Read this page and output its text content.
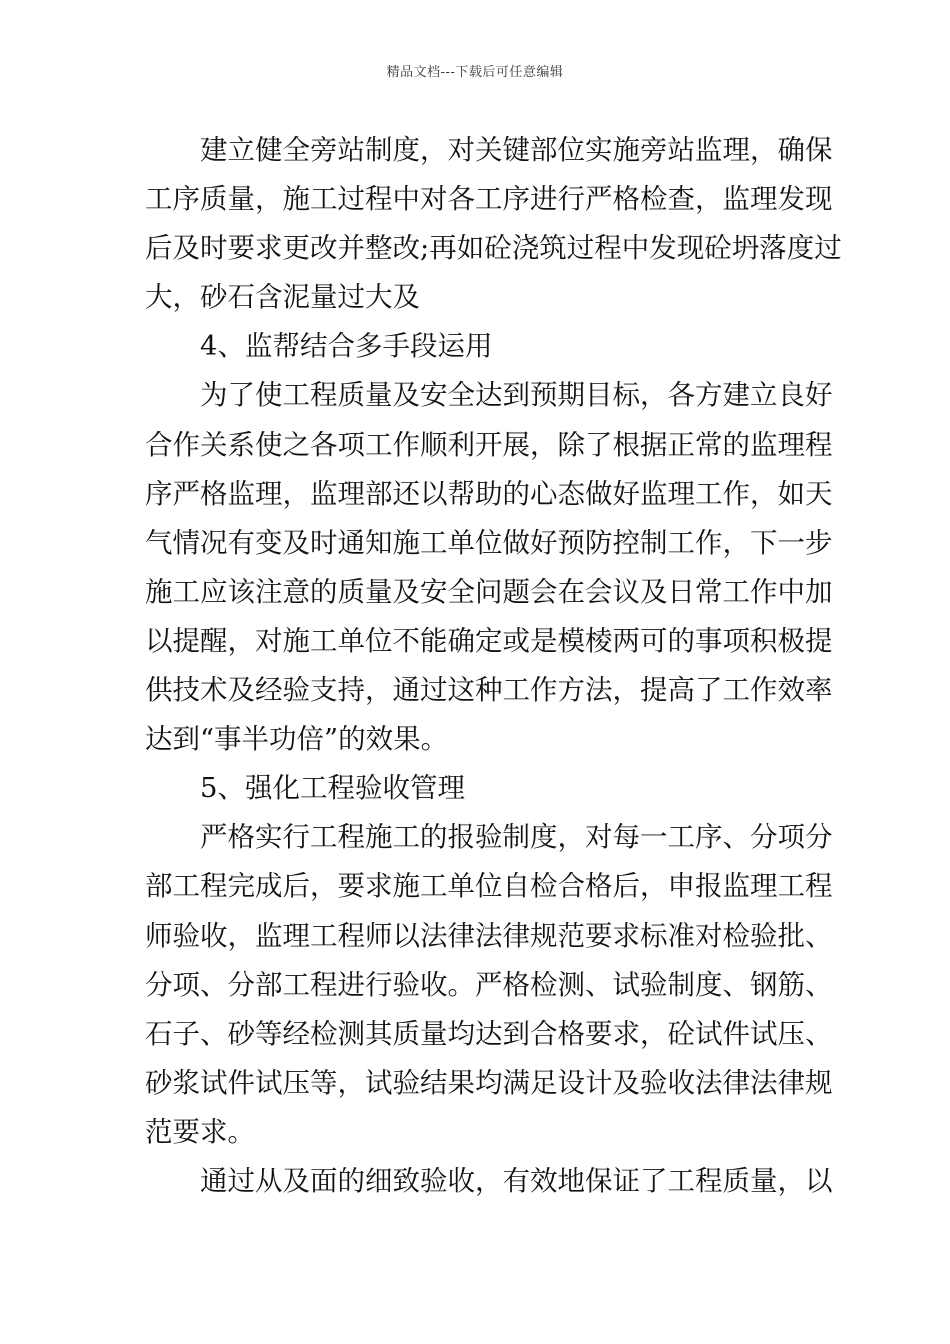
精品文档---下载后可任意编辑
建立健全旁站制度，对关键部位实施旁站监理，确保
工序质量，施工过程中对各工序进行严格检查，监理发现
后及时要求更改并整改;再如砼浇筑过程中发现砼坍落度过
大，砂石含泥量过大及
4、监帮结合多手段运用
为了使工程质量及安全达到预期目标，各方建立良好
合作关系使之各项工作顺利开展，除了根据正常的监理程
序严格监理，监理部还以帮助的心态做好监理工作，如天
气情况有变及时通知施工单位做好预防控制工作，下一步
施工应该注意的质量及安全问题会在会议及日常工作中加
以提醒，对施工单位不能确定或是模棱两可的事项积极提
供技术及经验支持，通过这种工作方法，提高了工作效率
达到“事半功倍”的效果。
5、强化工程验收管理
严格实行工程施工的报验制度，对每一工序、分项分
部工程完成后，要求施工单位自检合格后，申报监理工程
师验收，监理工程师以法律法律规范要求标准对检验批、
分项、分部工程进行验收。严格检测、试验制度、钢筋、
石子、砂等经检测其质量均达到合格要求，砼试件试压、
砂浆试件试压等，试验结果均满足设计及验收法律法律规
范要求。
通过从及面的细致验收，有效地保证了工程质量，以
